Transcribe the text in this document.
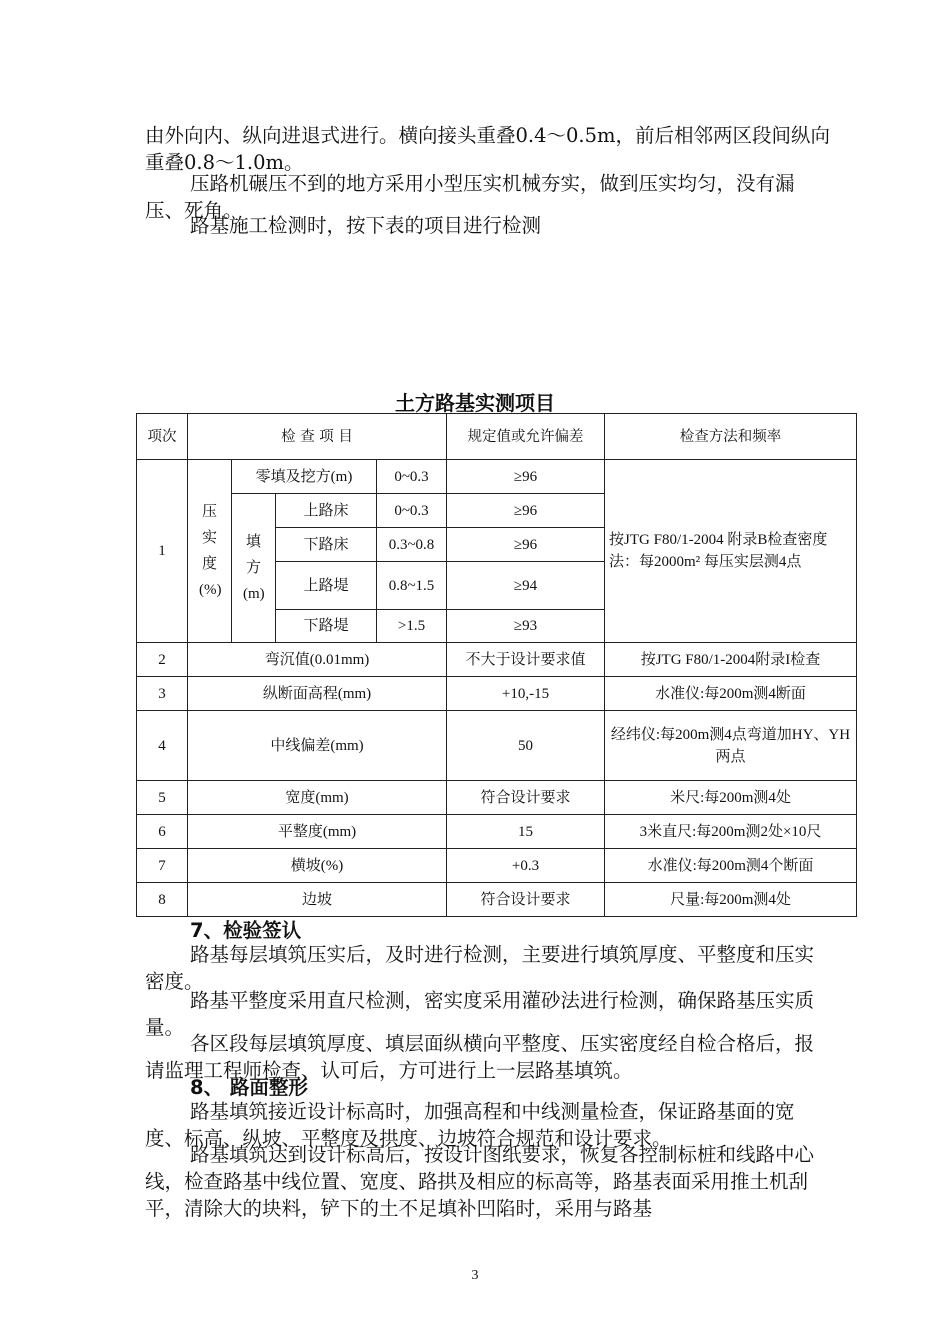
由外向内、纵向进退式进行。横向接头重叠0.4～0.5m，前后相邻两区段间纵向重叠0.8～1.0m。

压路机碾压不到的地方采用小型压实机械夯实，做到压实均匀，没有漏压、死角。

路基施工检测时，按下表的项目进行检测

土方路基实测项目
项次	检 查 项 目				规定值或允许偏差	检查方法和频率
1	压实度(%)	零填及挖方(m)		0~0.3	≥96	按JTG F80/1-2004 附录B检查密度法：每2000m² 每压实层测4点
		填方(m)	上路床	0~0.3	≥96	
			下路床	0.3~0.8	≥96	
			上路堤	0.8~1.5	≥94	
			下路堤	>1.5	≥93	
2	弯沉值(0.01mm)				不大于设计要求值	按JTG F80/1-2004附录I检查
3	纵断面高程(mm)				+10,-15	水准仪:每200m测4断面
4	中线偏差(mm)				50	经纬仪:每200m测4点弯道加HY、YH两点
5	宽度(mm)				符合设计要求	米尺:每200m测4处
6	平整度(mm)				15	3米直尺:每200m测2处×10尺
7	横坡(%)				+0.3	水准仪:每200m测4个断面
8	边坡				符合设计要求	尺量:每200m测4处
7、检验签认

路基每层填筑压实后，及时进行检测，主要进行填筑厚度、平整度和压实密度。

路基平整度采用直尺检测，密实度采用灌砂法进行检测，确保路基压实质量。

各区段每层填筑厚度、填层面纵横向平整度、压实密度经自检合格后，报请监理工程师检查、认可后，方可进行上一层路基填筑。

8、 路面整形

路基填筑接近设计标高时，加强高程和中线测量检查，保证路基面的宽度、标高、纵坡、平整度及拱度、边坡符合规范和设计要求。

路基填筑达到设计标高后，按设计图纸要求，恢复各控制标桩和线路中心线，检查路基中线位置、宽度、路拱及相应的标高等，路基表面采用推土机刮平，清除大的块料，铲下的土不足填补凹陷时，采用与路基

3
